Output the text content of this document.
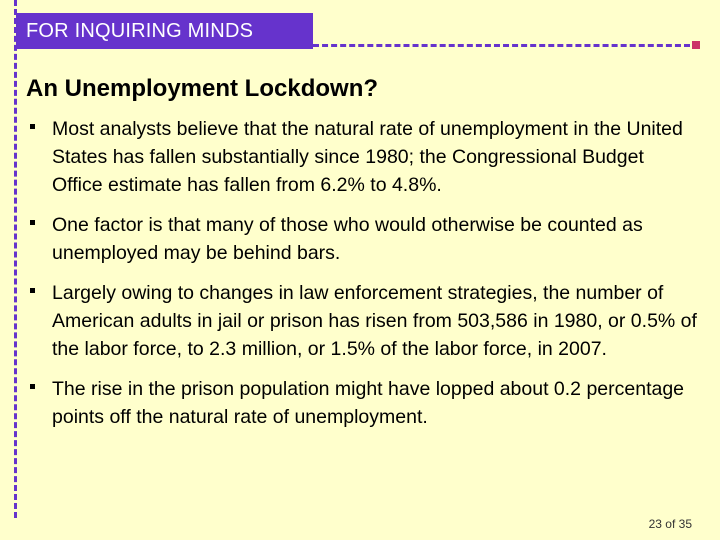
FOR INQUIRING MINDS
An Unemployment Lockdown?
Most analysts believe that the natural rate of unemployment in the United States has fallen substantially since 1980; the Congressional Budget Office estimate has fallen from 6.2% to 4.8%.
One factor is that many of those who would otherwise be counted as unemployed may be behind bars.
Largely owing to changes in law enforcement strategies, the number of American adults in jail or prison has risen from 503,586 in 1980, or 0.5% of the labor force, to 2.3 million, or 1.5% of the labor force, in 2007.
The rise in the prison population might have lopped about 0.2 percentage points off the natural rate of unemployment.
23 of 35
